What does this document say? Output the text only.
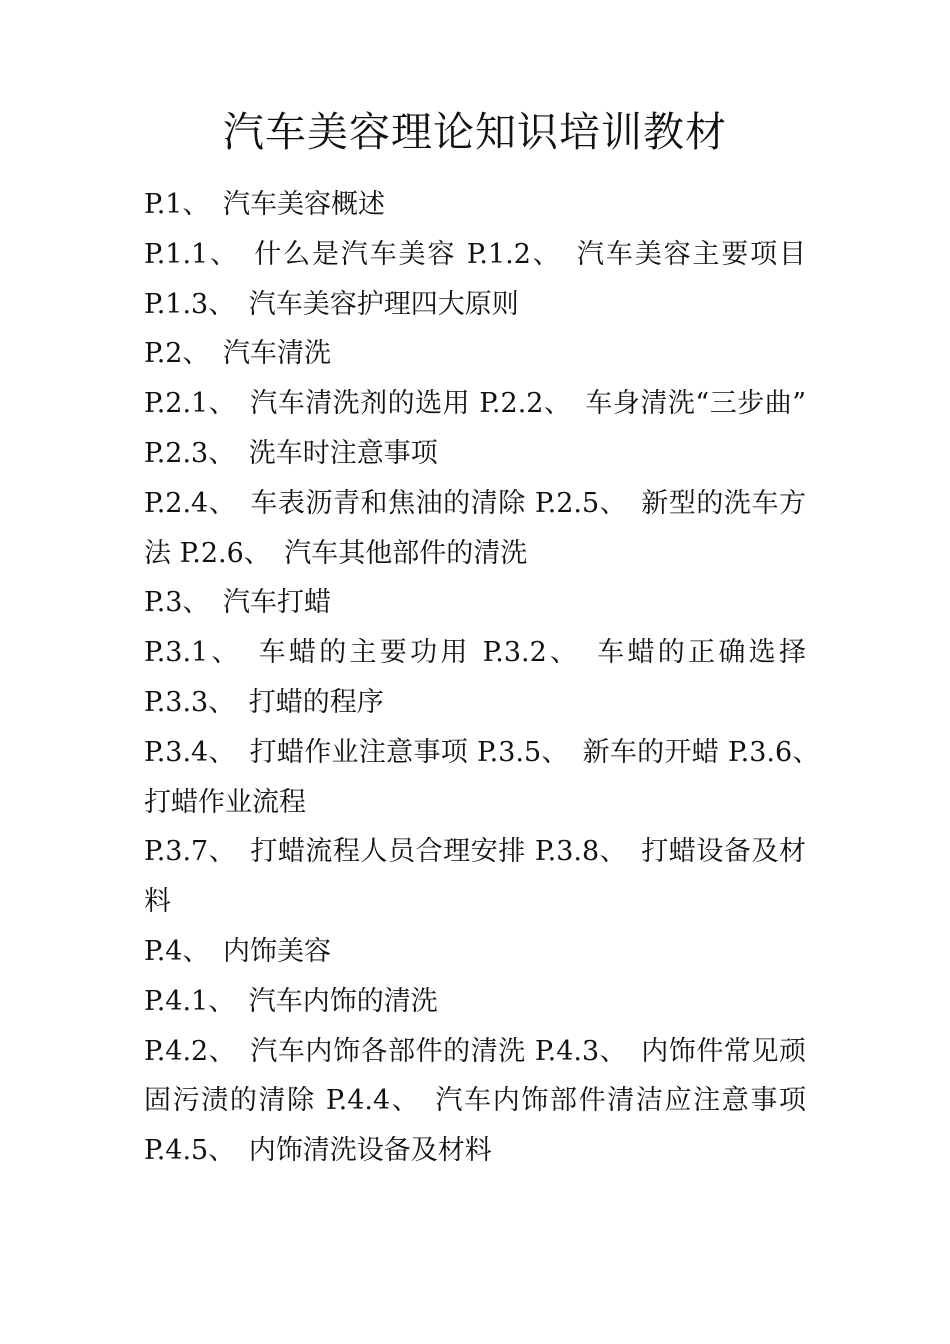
汽车美容理论知识培训教材

P.1、　汽车美容概述

P.1.1、　什么是汽车美容 P.1.2、　汽车美容主要项目 P.1.3、　汽车美容护理四大原则

P.2、　汽车清洗

P.2.1、　汽车清洗剂的选用 P.2.2、　车身清洗“三步曲” P.2.3、　洗车时注意事项

P.2.4、　车表沥青和焦油的清除 P.2.5、　新型的洗车方法 P.2.6、　汽车其他部件的清洗

P.3、　汽车打蜡

P.3.1、　车蜡的主要功用 P.3.2、　车蜡的正确选择 P.3.3、　打蜡的程序

P.3.4、　打蜡作业注意事项 P.3.5、　新车的开蜡 P.3.6、　打蜡作业流程

P.3.7、　打蜡流程人员合理安排 P.3.8、　打蜡设备及材料

P.4、　内饰美容

P.4.1、　汽车内饰的清洗

P.4.2、　汽车内饰各部件的清洗 P.4.3、　内饰件常见顽固污渍的清除 P.4.4、　汽车内饰部件清洁应注意事项 P.4.5、　内饰清洗设备及材料
